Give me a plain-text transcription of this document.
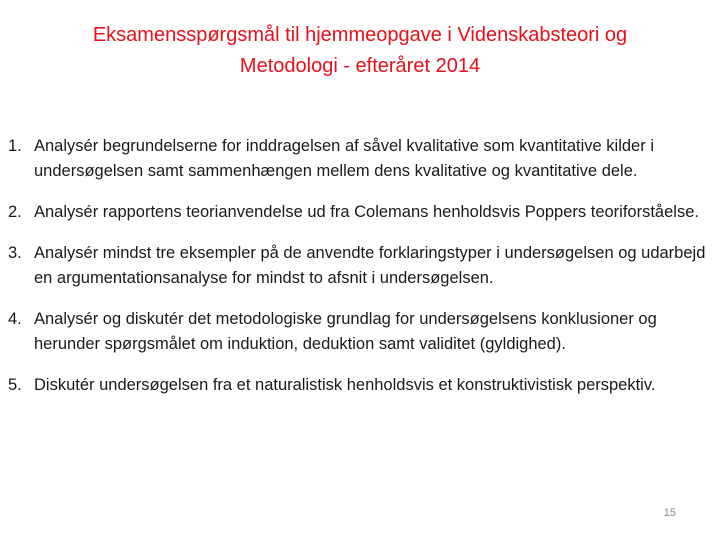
Eksamensspørgsmål til hjemmeopgave i Videnskabsteori og
Metodologi - efteråret 2014
1. Analysér begrundelserne for inddragelsen af såvel kvalitative som kvantitative kilder i undersøgelsen samt sammenhængen mellem dens kvalitative og kvantitative dele.
2. Analysér rapportens teorianvendelse ud fra Colemans henholdsvis Poppers teoriforståelse.
3. Analysér mindst tre eksempler på de anvendte forklaringstyper i undersøgelsen og udarbejd en argumentationsanalyse for mindst to afsnit i undersøgelsen.
4. Analysér og diskutér det metodologiske grundlag for undersøgelsens konklusioner og herunder spørgsmålet om induktion, deduktion samt validitet (gyldighed).
5. Diskutér undersøgelsen fra et naturalistisk henholdsvis et konstruktivistisk perspektiv.
15
